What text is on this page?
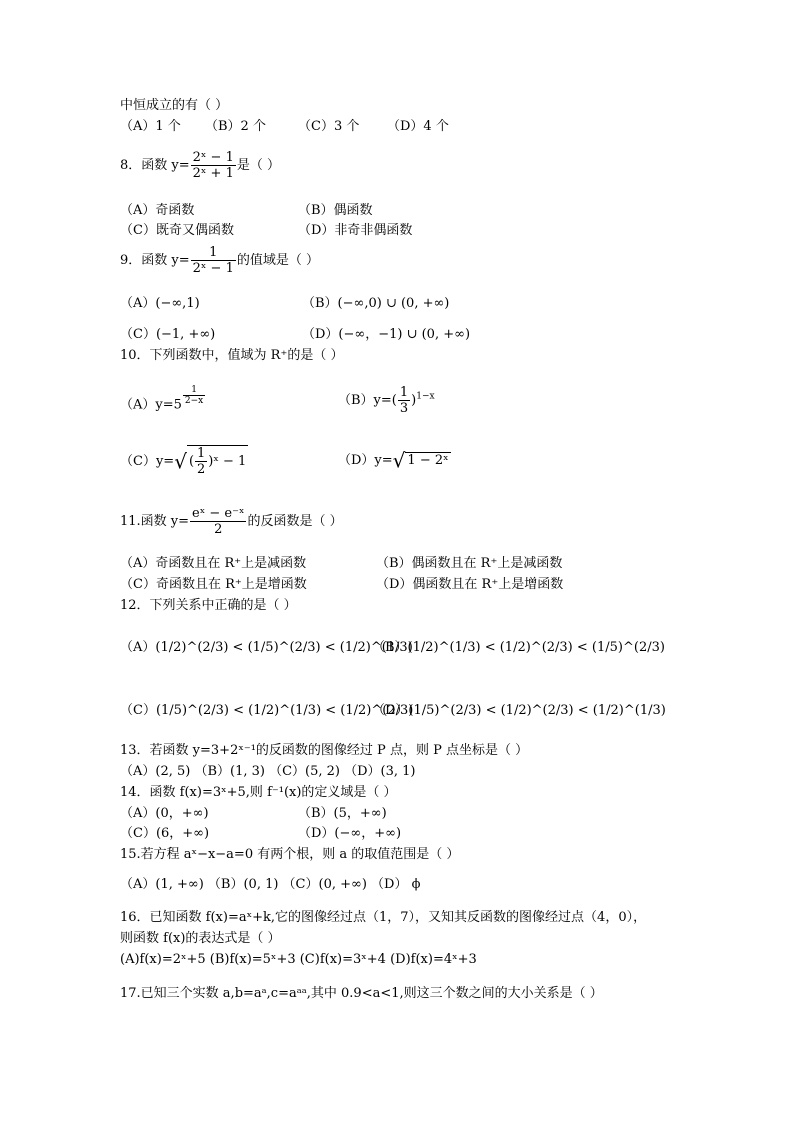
中恒成立的有（ ）
（A）1 个 （B）2 个 （C）3 个 （D）4 个
8．函数 $y= \frac{\text{2ˣ − 1}}{\text{2ˣ + 1}}$ 是（ ）
（A）奇函数	（B）偶函数
（C）既奇又偶函数	（D）非奇非偶函数
9．函数 $y= \frac{1}{\text{2ˣ − 1}}$ 的值域是（ ）
（A）(−∞,1)	（B）(−∞,0) ∪ (0, +∞)
（C）(−1, +∞)	（D）(−∞，−1) ∪ (0, +∞)
10．下列函数中，值域为 R⁺的是（ ）
$(A)y=5 \frac{1}{2-x}$	$(B)y=( \frac{1}{3} )^{1-x}$
（C）y=√ ( $\frac{1}{2}$ )ˣ − 1	（D）y=√ 1 − 2ˣ
11.函数 $y= \frac{\text{eˣ − e⁻ˣ}}{2}$ 的反函数是（ ）
（A）奇函数且在 R⁺上是减函数	（B）偶函数且在 R⁺上是减函数
（C）奇函数且在 R⁺上是增函数	（D）偶函数且在 R⁺上是增函数
12．下列关系中正确的是（ ）
（A）(1/2)^(2/3) < (1/5)^(2/3) < (1/2)^(1/3)
（B）(1/2)^(1/3) < (1/2)^(2/3) < (1/5)^(2/3)
（C）(1/5)^(2/3) < (1/2)^(1/3) < (1/2)^(2/3)
（D）(1/5)^(2/3) < (1/2)^(2/3) < (1/2)^(1/3)
13．若函数 y=3+2ˣ⁻¹的反函数的图像经过 P 点，则 P 点坐标是（ ）
（A）(2, 5) （B）(1, 3) （C）(5, 2) （D）(3, 1)
14．函数 f(x)=3ˣ+5,则 f⁻¹(x)的定义域是（ ）
（A）(0，+∞)	（B）(5，+∞)
（C）(6，+∞)	（D）(−∞，+∞)
15.若方程 aˣ−x−a=0 有两个根，则 a 的取值范围是（ ）
（A）(1, +∞) （B）(0, 1) （C）(0, +∞) （D） ϕ
16．已知函数 f(x)=aˣ+k,它的图像经过点（1，7），又知其反函数的图像经过点（4，0），
则函数 f(x)的表达式是（ ）
(A)f(x)=2ˣ+5 (B)f(x)=5ˣ+3 (C)f(x)=3ˣ+4 (D)f(x)=4ˣ+3
17.已知三个实数 a,b=aᵃ,c=aᵃᵃ,其中 0.9<a<1,则这三个数之间的大小关系是（ ）
